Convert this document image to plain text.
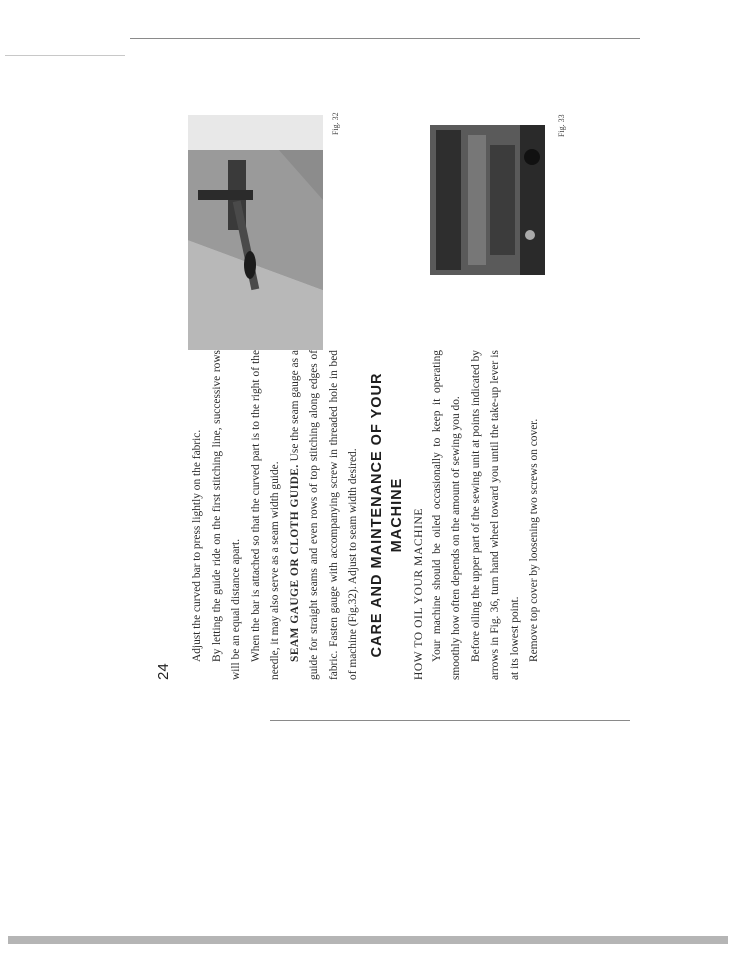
24

Adjust the curved bar to press lightly on the fabric. By letting the guide ride on the first stitching line, successive rows will be an equal distance apart. When the bar is attached so that the curved part is to the right of the needle, it may also serve as a seam width guide. SEAM GAUGE OR CLOTH GUIDE. Use the seam gauge as a guide for straight seams and even rows of top stitching along edges of fabric. Fasten gauge with accompanying screw in threaded hole in bed of machine (Fig.32). Adjust to seam width desired. CARE AND MAINTENANCE OF YOUR MACHINE HOW TO OIL YOUR MACHINE Your machine should be oiled occasionally to keep it operating smoothly how often depends on the amount of sewing you do. Before oiling the upper part of the sewing unit at points indicated by arrows in Fig. 36, turn hand wheel toward you until the take-up lever is at its lowest point. Remove top cover by loosening two screws on cover.

Fig. 32	Fig. 33
